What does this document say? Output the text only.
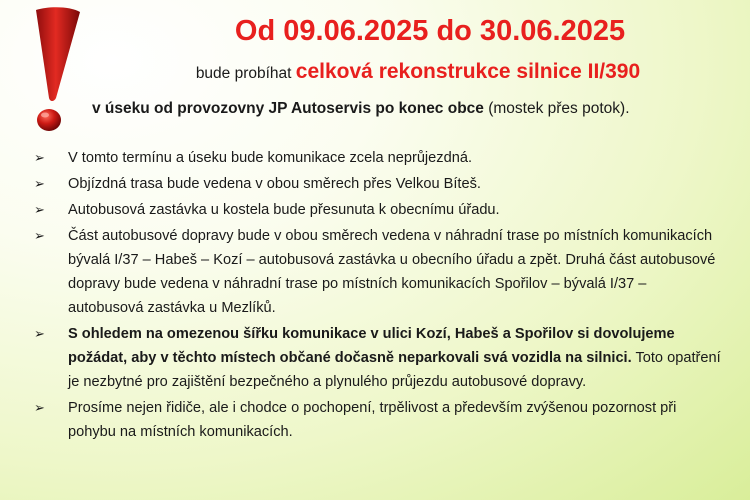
Od 09.06.2025 do 30.06.2025
bude probíhat celková rekonstrukce silnice II/390
v úseku od provozovny JP Autoservis po konec obce (mostek přes potok).
➢	V tomto termínu a úseku bude komunikace zcela neprůjezdná.
➢	Objízdná trasa bude vedena v obou směrech přes Velkou Bíteš.
➢	Autobusová zastávka u kostela bude přesunuta k obecnímu úřadu.
➢	Část autobusové dopravy bude v obou směrech vedena v náhradní trase po místních komunikacích bývalá I/37 – Habeš – Kozí – autobusová zastávka u obecního úřadu a zpět. Druhá část autobusové dopravy bude vedena v náhradní trase po místních komunikacích Spořilov – bývalá I/37 – autobusová zastávka u Mezlíků.
➢	S ohledem na omezenou šířku komunikace v ulici Kozí, Habeš a Spořilov si dovolujeme požádat, aby v těchto místech občané dočasně neparkovali svá vozidla na silnici. Toto opatření je nezbytné pro zajištění bezpečného a plynulého průjezdu autobusové dopravy.
➢	Prosíme nejen řidiče, ale i chodce o pochopení, trpělivost a především zvýšenou pozornost při pohybu na místních komunikacích.
